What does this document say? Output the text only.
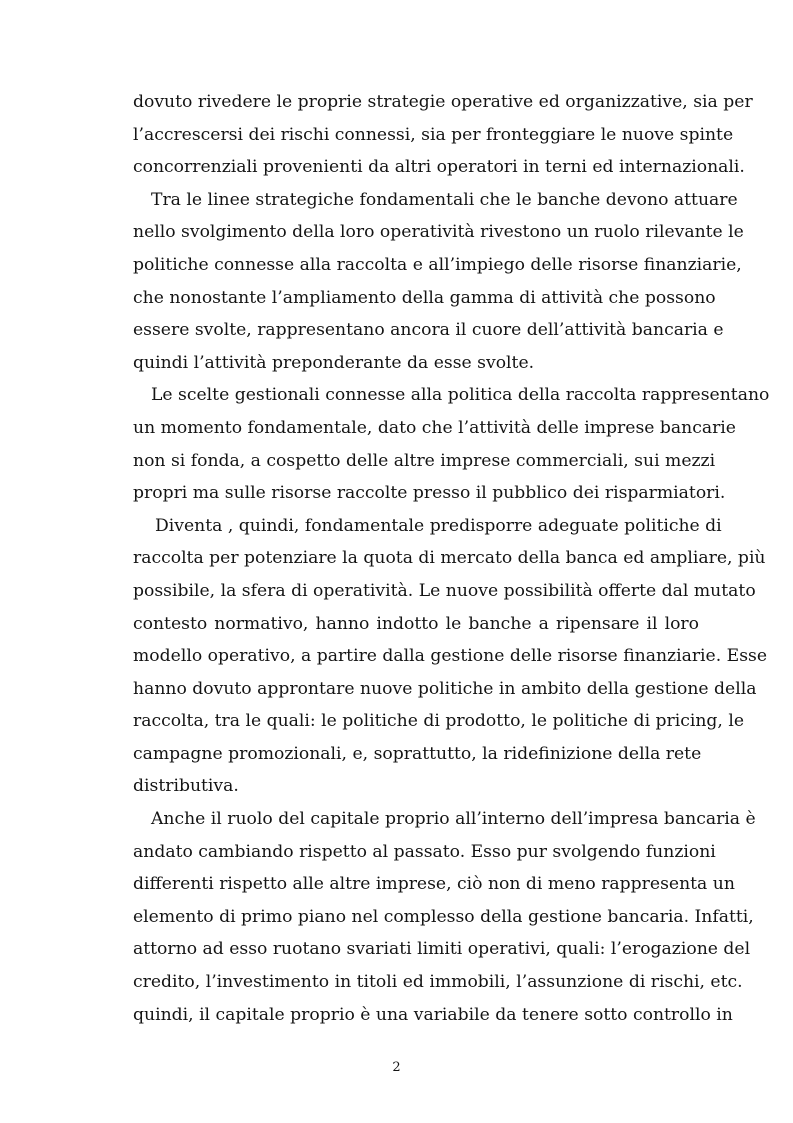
dovuto rivedere le proprie strategie operative ed organizzative, sia per
l’accrescersi dei rischi connessi, sia per fronteggiare le nuove spinte
concorrenziali provenienti da altri operatori in terni ed internazionali.
Tra le linee strategiche fondamentali che le banche devono attuare
nello svolgimento della loro operatività rivestono un ruolo rilevante le
politiche connesse alla raccolta e all’impiego delle risorse finanziarie,
che nonostante l’ampliamento della gamma di attività che possono
essere svolte, rappresentano ancora il cuore dell’attività bancaria e
quindi l’attività preponderante da esse svolte.
Le scelte gestionali connesse alla politica della raccolta rappresentano
un momento fondamentale, dato che l’attività delle imprese bancarie
non si fonda, a cospetto delle altre imprese commerciali, sui mezzi
propri ma sulle risorse raccolte presso il pubblico dei risparmiatori.
Diventa , quindi, fondamentale predisporre adeguate politiche di
raccolta per potenziare la quota di mercato della banca ed ampliare, più
possibile, la sfera di operatività. Le nuove possibilità offerte dal mutato
contesto normativo, hanno indotto le banche a ripensare il loro
modello operativo, a partire dalla gestione delle risorse finanziarie. Esse
hanno dovuto approntare nuove politiche in ambito della gestione della
raccolta, tra le quali: le politiche di prodotto, le politiche di pricing, le
campagne promozionali, e, soprattutto, la ridefinizione della rete
distributiva.
Anche il ruolo del capitale proprio all’interno dell’impresa bancaria è
andato cambiando rispetto al passato. Esso pur svolgendo funzioni
differenti rispetto alle altre imprese, ciò non di meno rappresenta un
elemento di primo piano nel complesso della gestione bancaria. Infatti,
attorno ad esso ruotano svariati limiti operativi, quali: l’erogazione del
credito, l’investimento in titoli ed immobili, l’assunzione di rischi, etc.
quindi, il capitale proprio è una variabile da tenere sotto controllo in
2
